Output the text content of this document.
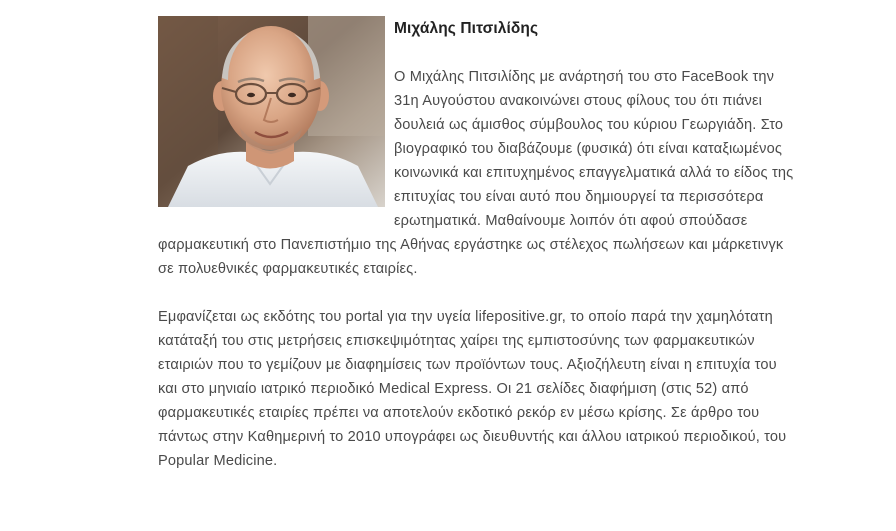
Μιχάλης Πιτσιλίδης

Ο Μιχάλης Πιτσιλίδης με ανάρτησή του στο FaceBook την 31η Αυγούστου ανακοινώνει στους φίλους του ότι πιάνει δουλειά ως άμισθος σύμβουλος του κύριου Γεωργιάδη. Στο βιογραφικό του διαβάζουμε (φυσικά) ότι είναι καταξιωμένος κοινωνικά και επιτυχημένος επαγγελματικά αλλά το είδος της επιτυχίας του είναι αυτό που δημιουργεί τα περισσότερα ερωτηματικά. Μαθαίνουμε λοιπόν ότι αφού σπούδασε φαρμακευτική στο Πανεπιστήμιο της Αθήνας εργάστηκε ως στέλεχος πωλήσεων και μάρκετινγκ σε πολυεθνικές φαρμακευτικές εταιρίες.

Εμφανίζεται ως εκδότης του portal για την υγεία lifepositive.gr, το οποίο παρά την χαμηλότατη κατάταξή του στις μετρήσεις επισκεψιμότητας χαίρει της εμπιστοσύνης των φαρμακευτικών εταιριών που το γεμίζουν με διαφημίσεις των προϊόντων τους. Αξιοζήλευτη είναι η επιτυχία του και στο μηνιαίο ιατρικό περιοδικό Medical Express. Οι 21 σελίδες διαφήμιση (στις 52) από φαρμακευτικές εταιρίες πρέπει να αποτελούν εκδοτικό ρεκόρ εν μέσω κρίσης. Σε άρθρο του πάντως στην Καθημερινή το 2010 υπογράφει ως διευθυντής και άλλου ιατρικού περιοδικού, του Popular Medicine.
